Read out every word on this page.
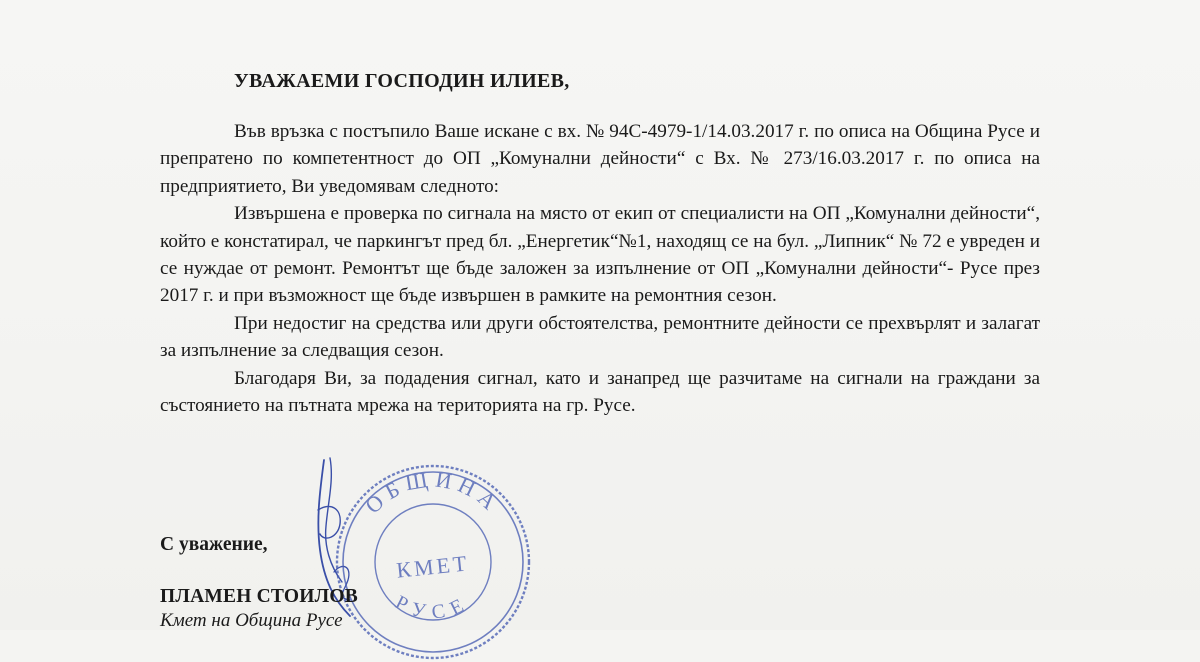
УВАЖАЕМИ ГОСПОДИН ИЛИЕВ,

Във връзка с постъпило Ваше искане с вх. № 94С-4979-1/14.03.2017 г. по описа на Община Русе и препратено по компетентност до ОП „Комунални дейности“ с Вх. № 273/16.03.2017 г. по описа на предприятието, Ви уведомявам следното:

Извършена е проверка по сигнала на място от екип от специалисти на ОП „Комунални дейности“, който е констатирал, че паркингът пред бл. „Енергетик“№1, находящ се на бул. „Липник“ № 72 е увреден и се нуждае от ремонт. Ремонтът ще бъде заложен за изпълнение от ОП „Комунални дейности“- Русе през 2017 г. и при възможност ще бъде извършен в рамките на ремонтния сезон.

При недостиг на средства или други обстоятелства, ремонтните дейности се прехвърлят и залагат за изпълнение за следващия сезон.

Благодаря Ви, за подадения сигнал, като и занапред ще разчитаме на сигнали на граждани за състоянието на пътната мрежа на територията на гр. Русе.

ОБЩИНА
КМЕТ
РУСЕ
С уважение,
ПЛАМЕН СТОИЛОВ
Кмет на Община Русе
